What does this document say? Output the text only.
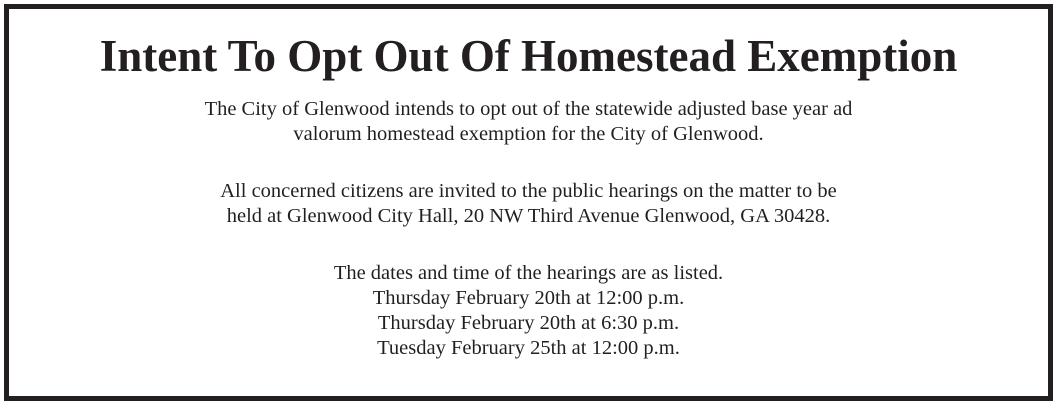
Intent To Opt Out Of Homestead Exemption

The City of Glenwood intends to opt out of the statewide adjusted base year ad
valorum homestead exemption for the City of Glenwood.

All concerned citizens are invited to the public hearings on the matter to be
held at Glenwood City Hall, 20 NW Third Avenue Glenwood, GA 30428.

The dates and time of the hearings are as listed.
Thursday February 20th at 12:00 p.m.
Thursday February 20th at 6:30 p.m.
Tuesday February 25th at 12:00 p.m.
